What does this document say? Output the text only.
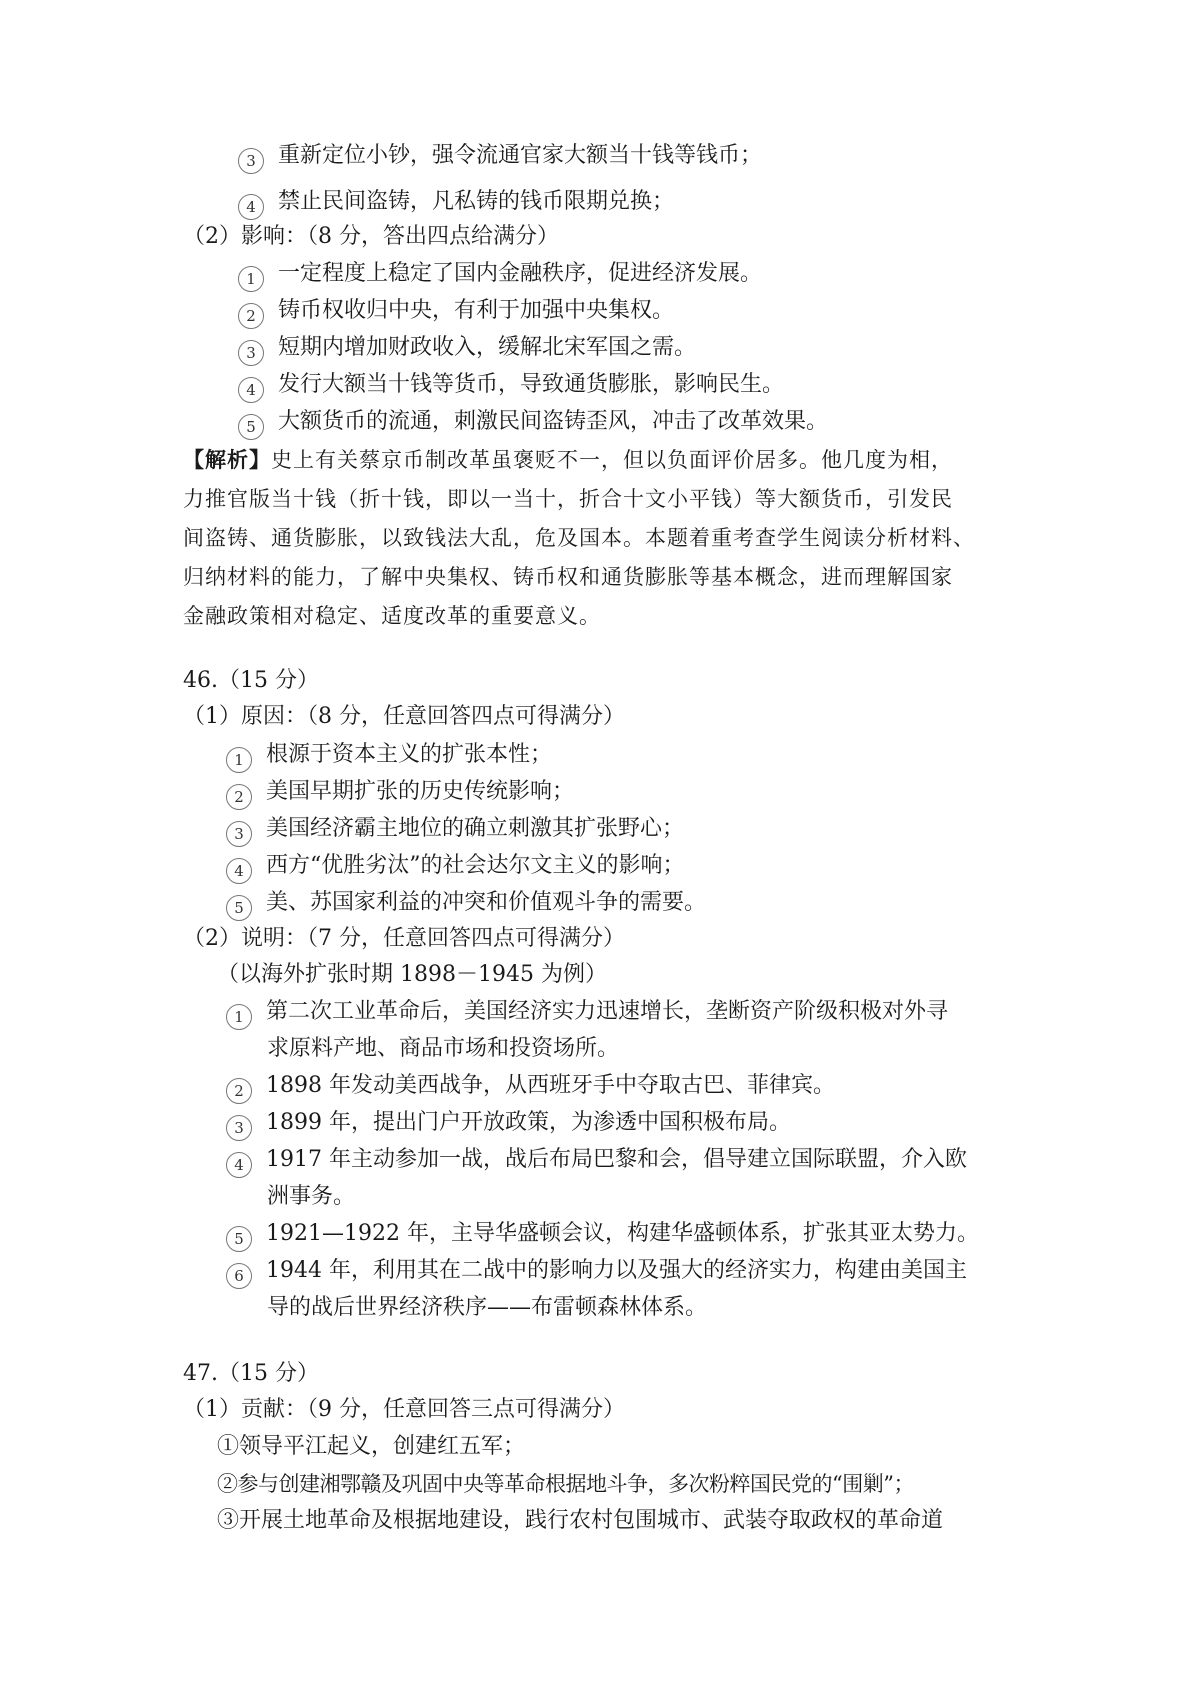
3 重新定位小钞，强令流通官家大额当十钱等钱币；
4 禁止民间盗铸，凡私铸的钱币限期兑换；
（2）影响：（8 分，答出四点给满分）
1 一定程度上稳定了国内金融秩序，促进经济发展。
2 铸币权收归中央，有利于加强中央集权。
3 短期内增加财政收入，缓解北宋军国之需。
4 发行大额当十钱等货币，导致通货膨胀，影响民生。
5 大额货币的流通，刺激民间盗铸歪风，冲击了改革效果。
【解析】史上有关蔡京币制改革虽褒贬不一，但以负面评价居多。他几度为相，
力推官版当十钱（折十钱，即以一当十，折合十文小平钱）等大额货币，引发民
间盗铸、通货膨胀，以致钱法大乱，危及国本。本题着重考查学生阅读分析材料、
归纳材料的能力，了解中央集权、铸币权和通货膨胀等基本概念，进而理解国家
金融政策相对稳定、适度改革的重要意义。
46.（15 分）
（1）原因：（8 分，任意回答四点可得满分）
1 根源于资本主义的扩张本性；
2 美国早期扩张的历史传统影响；
3 美国经济霸主地位的确立刺激其扩张野心；
4 西方“优胜劣汰”的社会达尔文主义的影响；
5 美、苏国家利益的冲突和价值观斗争的需要。
（2）说明：（7 分，任意回答四点可得满分）
（以海外扩张时期 1898－1945 为例）
1 第二次工业革命后，美国经济实力迅速增长，垄断资产阶级积极对外寻
求原料产地、商品市场和投资场所。
2 1898 年发动美西战争，从西班牙手中夺取古巴、菲律宾。
3 1899 年，提出门户开放政策，为渗透中国积极布局。
4 1917 年主动参加一战，战后布局巴黎和会，倡导建立国际联盟，介入欧
洲事务。
5 1921—1922 年，主导华盛顿会议，构建华盛顿体系，扩张其亚太势力。
6 1944 年，利用其在二战中的影响力以及强大的经济实力，构建由美国主
导的战后世界经济秩序——布雷顿森林体系。
47.（15 分）
（1）贡献：（9 分，任意回答三点可得满分）
①领导平江起义，创建红五军；
②参与创建湘鄂赣及巩固中央等革命根据地斗争，多次粉粹国民党的“围剿”；
③开展土地革命及根据地建设，践行农村包围城市、武装夺取政权的革命道
